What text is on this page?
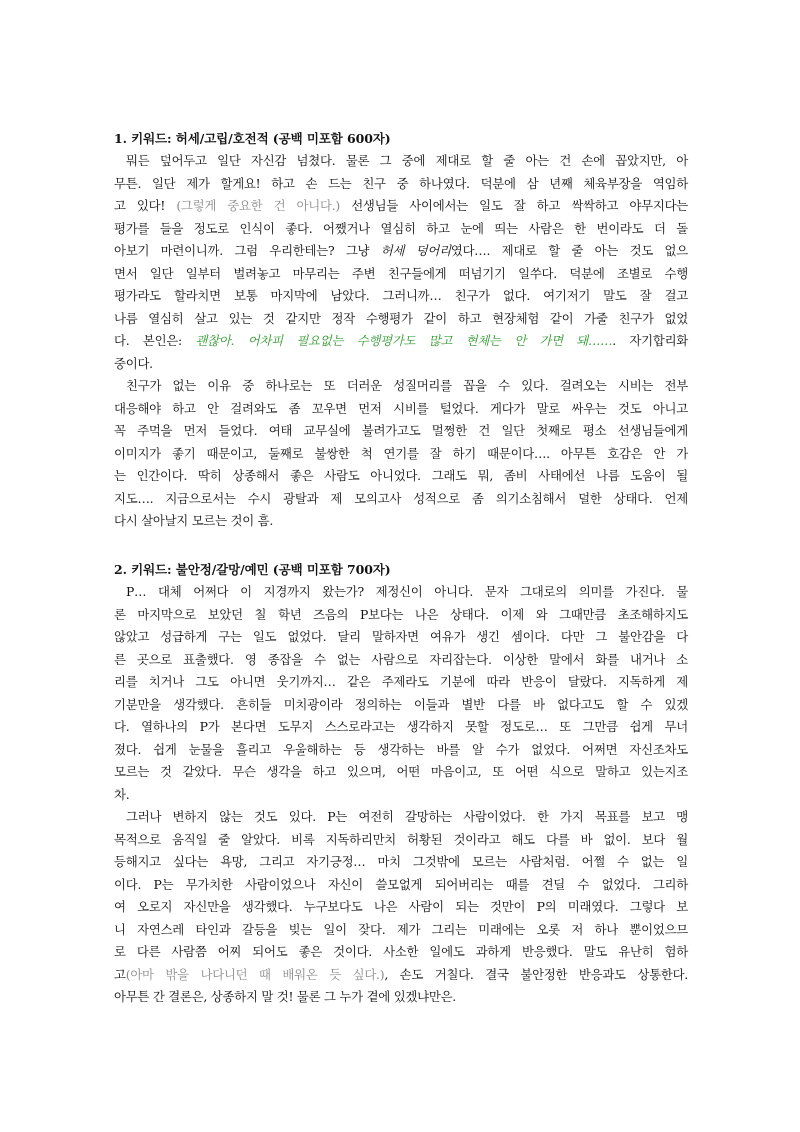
1. 키워드: 허세/고립/호전적 (공백 미포함 600자)
뭐든 덮어두고 일단 자신감 넘쳤다. 물론 그 중에 제대로 할 줄 아는 건 손에 꼽았지만, 아
무튼. 일단 제가 할게요! 하고 손 드는 친구 중 하나였다. 덕분에 삼 년째 체육부장을 역임하
고 있다! (그렇게 중요한 건 아니다.) 선생님들 사이에서는 일도 잘 하고 싹싹하고 야무지다는
평가를 들을 정도로 인식이 좋다. 어쨌거나 열심히 하고 눈에 띄는 사람은 한 번이라도 더 돌
아보기 마련이니까. 그럼 우리한테는? 그냥 허세 덩어리였다…. 제대로 할 줄 아는 것도 없으
면서 일단 일부터 벌려놓고 마무리는 주변 친구들에게 떠넘기기 일쑤다. 덕분에 조별로 수행
평가라도 할라치면 보통 마지막에 남았다. 그러니까… 친구가 없다. 여기저기 말도 잘 걸고
나름 열심히 살고 있는 것 같지만 정작 수행평가 같이 하고 현장체험 같이 가줄 친구가 없었
다. 본인은: 괜찮아. 어차피 필요없는 수행평가도 많고 현체는 안 가면 돼……. 자기합리화
중이다.
친구가 없는 이유 중 하나로는 또 더러운 성질머리를 꼽을 수 있다. 걸려오는 시비는 전부
대응해야 하고 안 걸려와도 좀 꼬우면 먼저 시비를 털었다. 게다가 말로 싸우는 것도 아니고
꼭 주먹을 먼저 들었다. 여태 교무실에 불려가고도 멀쩡한 건 일단 첫째로 평소 선생님들에게
이미지가 좋기 때문이고, 둘째로 불쌍한 척 연기를 잘 하기 때문이다…. 아무튼 호감은 안 가
는 인간이다. 딱히 상종해서 좋은 사람도 아니었다. 그래도 뭐, 좀비 사태에선 나름 도움이 될
지도…. 지금으로서는 수시 광탈과 제 모의고사 성적으로 좀 의기소침해서 덜한 상태다. 언제
다시 살아날지 모르는 것이 흠.
2. 키워드: 불안정/갈망/예민 (공백 미포함 700자)
P… 대체 어쩌다 이 지경까지 왔는가? 제정신이 아니다. 문자 그대로의 의미를 가진다. 물
론 마지막으로 보았던 칠 학년 즈음의 P보다는 나은 상태다. 이제 와 그때만큼 초조해하지도
않았고 성급하게 구는 일도 없었다. 달리 말하자면 여유가 생긴 셈이다. 다만 그 불안감을 다
른 곳으로 표출했다. 영 종잡을 수 없는 사람으로 자리잡는다. 이상한 말에서 화를 내거나 소
리를 치거나 그도 아니면 웃기까지… 같은 주제라도 기분에 따라 반응이 달랐다. 지독하게 제
기분만을 생각했다. 흔히들 미치광이라 정의하는 이들과 별반 다를 바 없다고도 할 수 있겠
다. 열하나의 P가 본다면 도무지 스스로라고는 생각하지 못할 정도로… 또 그만큼 쉽게 무너
졌다. 쉽게 눈물을 흘리고 우울해하는 등 생각하는 바를 알 수가 없었다. 어쩌면 자신조차도
모르는 것 같았다. 무슨 생각을 하고 있으며, 어떤 마음이고, 또 어떤 식으로 말하고 있는지조
차.
그러나 변하지 않는 것도 있다. P는 여전히 갈망하는 사람이었다. 한 가지 목표를 보고 맹
목적으로 움직일 줄 알았다. 비록 지독하리만치 허황된 것이라고 해도 다를 바 없이. 보다 월
등해지고 싶다는 욕망, 그리고 자기긍정… 마치 그것밖에 모르는 사람처럼. 어쩔 수 없는 일
이다. P는 무가치한 사람이었으나 자신이 쓸모없게 되어버리는 때를 견딜 수 없었다. 그리하
여 오로지 자신만을 생각했다. 누구보다도 나은 사람이 되는 것만이 P의 미래였다. 그렇다 보
니 자연스레 타인과 갈등을 빚는 일이 잦다. 제가 그리는 미래에는 오롯 저 하나 뿐이었으므
로 다른 사람쯤 어찌 되어도 좋은 것이다. 사소한 일에도 과하게 반응했다. 말도 유난히 험하
고(아마 밖을 나다니던 때 배워온 듯 싶다.), 손도 거칠다. 결국 불안정한 반응과도 상통한다.
아무튼 간 결론은, 상종하지 말 것! 물론 그 누가 곁에 있겠냐만은.
